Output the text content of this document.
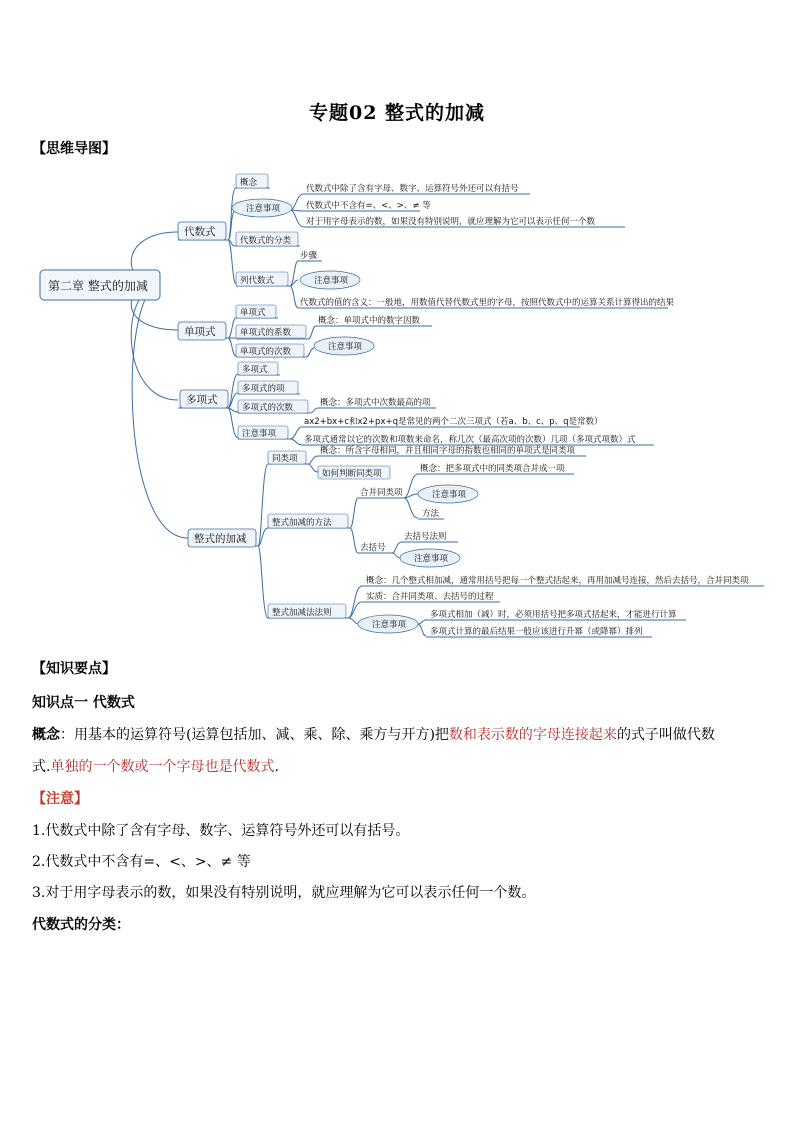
专题02 整式的加减
【思维导图】
第二章 整式的加减
代数式
单项式
多项式
整式的加减
概念
注意事项
代数式中除了含有字母、数字、运算符号外还可以有括号
代数式中不含有=、<、>、≠ 等
对于用字母表示的数，如果没有特别说明，就应理解为它可以表示任何一个数
代数式的分类
列代数式
步骤
注意事项
代数式的值的含义：一般地，用数值代替代数式里的字母，按照代数式中的运算关系计算得出的结果
单项式
单项式的系数
单项式的次数
概念：单项式中的数字因数
注意事项
多项式
多项式的项
多项式的次数
注意事项
概念：多项式中次数最高的项
ax2+bx+c和x2+px+q是常见的两个二次三项式（若a、b、c、p、q是常数）
多项式通常以它的次数和项数来命名，称几次（最高次项的次数）几项（多项式项数）式
同类项
概念：所含字母相同，并且相同字母的指数也相同的单项式是同类项
如何判断同类项
整式加减的方法
合并同类项
概念：把多项式中的同类项合并成一项
注意事项
方法
去括号
去括号法则
注意事项
整式加减法法则
概念：几个整式相加减，通常用括号把每一个整式括起来，再用加减号连接，然后去括号，合并同类项
实质：合并同类项、去括号的过程
注意事项
多项式相加（减）时，必须用括号把多项式括起来，才能进行计算
多项式计算的最后结果一般应该进行升幂（或降幂）排列
【知识要点】
知识点一 代数式
概念：用基本的运算符号(运算包括加、减、乘、除、乘方与开方)把数和表示数的字母连接起来的式子叫做代数
式.单独的一个数或一个字母也是代数式.
【注意】
1.代数式中除了含有字母、数字、运算符号外还可以有括号。
2.代数式中不含有=、<、>、≠ 等
3.对于用字母表示的数，如果没有特别说明，就应理解为它可以表示任何一个数。
代数式的分类：
